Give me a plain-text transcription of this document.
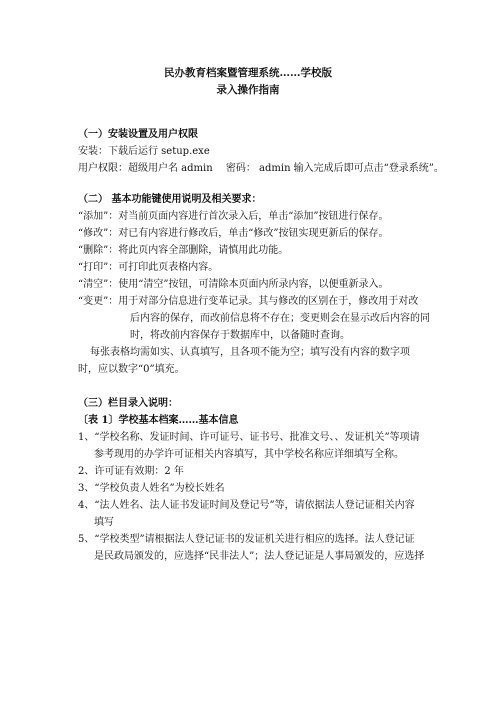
民办教育档案暨管理系统……学校版
录入操作指南
（一）安装设置及用户权限
安装：下载后运行 setup.exe
用户权限：超级用户名 admin　 密码： admin 输入完成后即可点击“登录系统”。
（二） 基本功能键使用说明及相关要求：
“添加”：对当前页面内容进行首次录入后，单击“添加”按钮进行保存。
“修改”：对已有内容进行修改后，单击“修改”按钮实现更新后的保存。
“删除”：将此页内容全部删除，请慎用此功能。
“打印”：可打印此页表格内容。
“清空”：使用“清空”按钮，可清除本页面内所录内容，以便重新录入。
“变更”：用于对部分信息进行变革记录。其与修改的区别在于，修改用于对改
后内容的保存，而改前信息将不存在；变更则会在显示改后内容的同
时，将改前内容保存于数据库中，以备随时查询。
每张表格均需如实、认真填写，且各项不能为空；填写没有内容的数字项
时，应以数字“0”填充。
（三）栏目录入说明：
〔表 1〕学校基本档案……基本信息
1、“学校名称、发证时间、许可证号、证书号、批准文号、、发证机关”等项请
参考现用的办学许可证相关内容填写，其中学校名称应详细填写全称。
2、许可证有效期：2 年
3、“学校负责人姓名”为校长姓名
4、“法人姓名、法人证书发证时间及登记号”等，请依据法人登记证相关内容
填写
5、“学校类型”请根据法人登记证书的发证机关进行相应的选择。法人登记证
是民政局颁发的，应选择“民非法人”；法人登记证是人事局颁发的，应选择
